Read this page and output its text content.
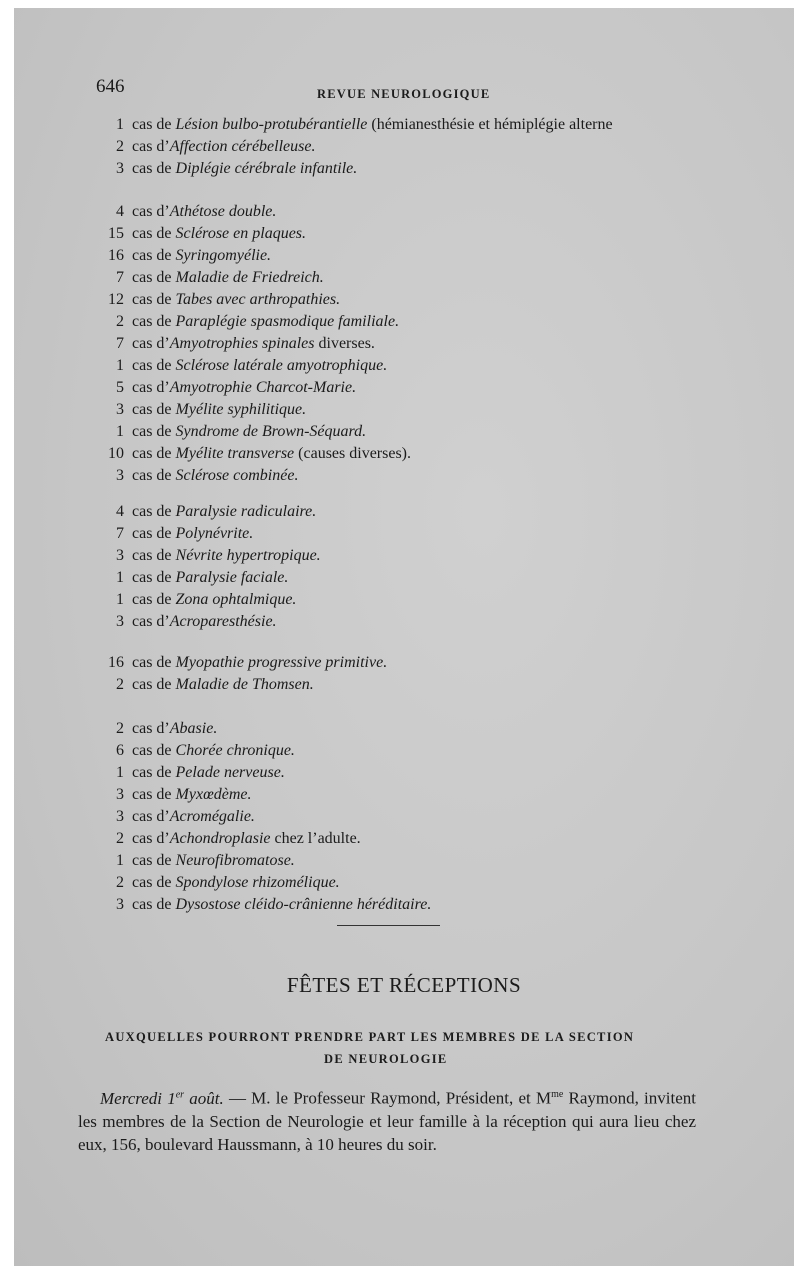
646	REVUE NEUROLOGIQUE
1 cas de Lésion bulbo-protubérantielle (hémianesthésie et hémiplégie alterne
2 cas d’Affection cérébelleuse.
3 cas de Diplégie cérébrale infantile.
4 cas d’Athétose double.
15 cas de Sclérose en plaques.
16 cas de Syringomyélie.
7 cas de Maladie de Friedreich.
12 cas de Tabes avec arthropathies.
2 cas de Paraplégie spasmodique familiale.
7 cas d’Amyotrophies spinales diverses.
1 cas de Sclérose latérale amyotrophique.
5 cas d’Amyotrophie Charcot-Marie.
3 cas de Myélite syphilitique.
1 cas de Syndrome de Brown-Séquard.
10 cas de Myélite transverse (causes diverses).
3 cas de Sclérose combinée.
4 cas de Paralysie radiculaire.
7 cas de Polynévrite.
3 cas de Névrite hypertropique.
1 cas de Paralysie faciale.
1 cas de Zona ophtalmique.
3 cas d’Acroparesthésie.
16 cas de Myopathie progressive primitive.
2 cas de Maladie de Thomsen.
2 cas d’Abasie.
6 cas de Chorée chronique.
1 cas de Pelade nerveuse.
3 cas de Myxœdème.
3 cas d’Acromégalie.
2 cas d’Achondroplasie chez l’adulte.
1 cas de Neurofibromatose.
2 cas de Spondylose rhizomélique.
3 cas de Dysostose cléido-crânienne héréditaire.
FÊTES ET RÉCEPTIONS
AUXQUELLES POURRONT PRENDRE PART LES MEMBRES DE LA SECTION
DE NEUROLOGIE
Mercredi 1er août. — M. le Professeur Raymond, Président, et $M^{me}$ Raymond, invitent les membres de la Section de Neurologie et leur famille à la réception qui aura lieu chez eux, 156, boulevard Haussmann, à 10 heures du soir.
